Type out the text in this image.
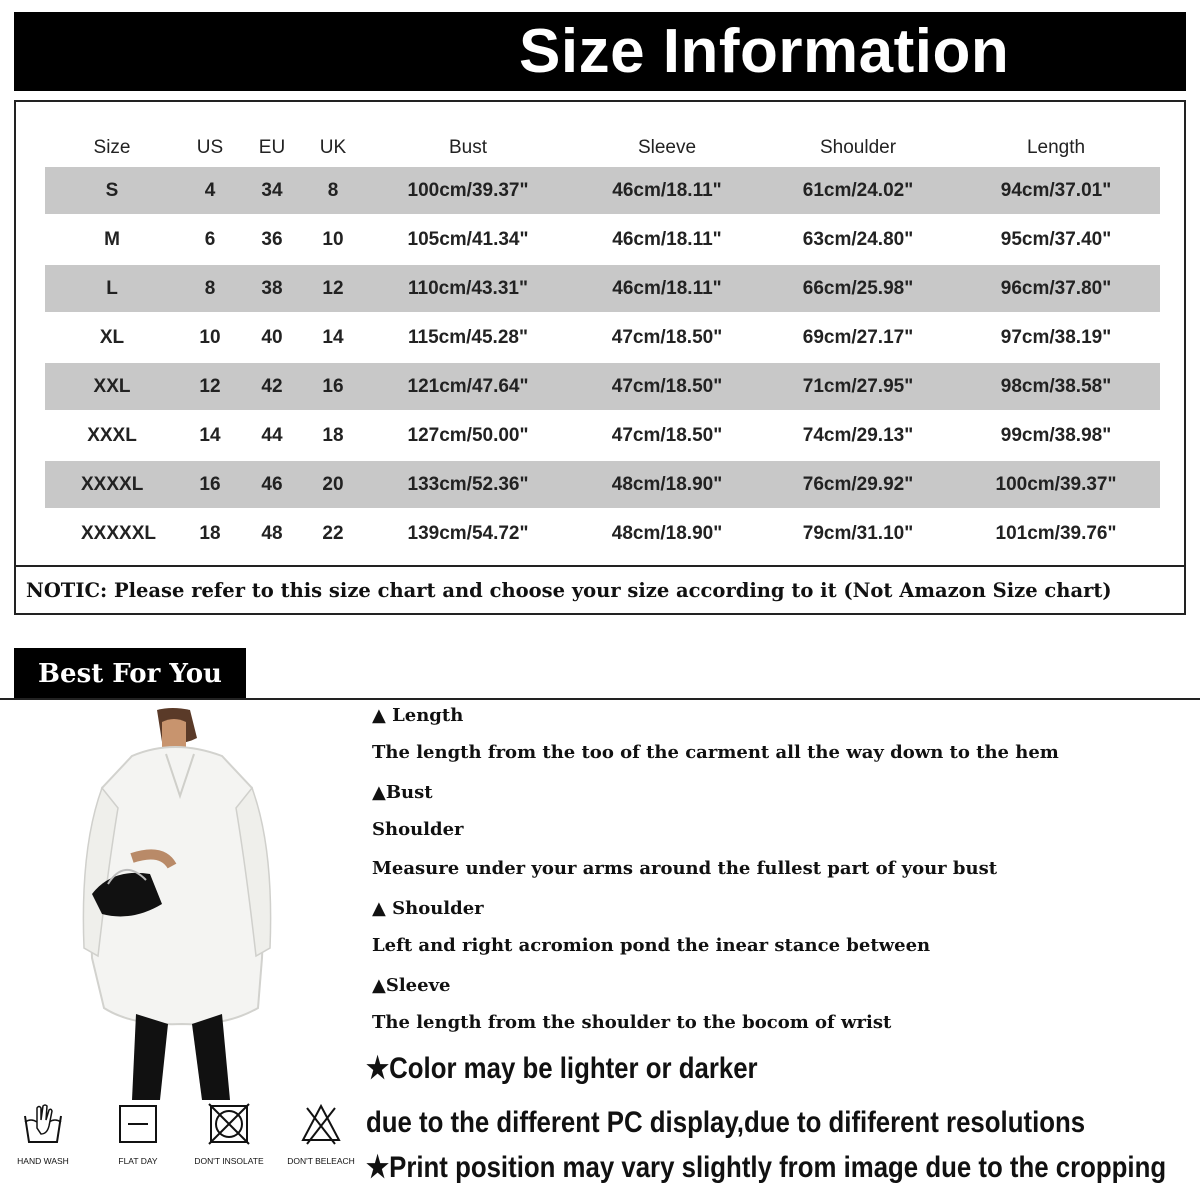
Size Information
Size	US	EU	UK	Bust	Sleeve	Shoulder	Length
S	4	34	8	100cm/39.37"	46cm/18.11"	61cm/24.02"	94cm/37.01"
M	6	36	10	105cm/41.34"	46cm/18.11"	63cm/24.80"	95cm/37.40"
L	8	38	12	110cm/43.31"	46cm/18.11"	66cm/25.98"	96cm/37.80"
XL	10	40	14	115cm/45.28"	47cm/18.50"	69cm/27.17"	97cm/38.19"
XXL	12	42	16	121cm/47.64"	47cm/18.50"	71cm/27.95"	98cm/38.58"
XXXL	14	44	18	127cm/50.00"	47cm/18.50"	74cm/29.13"	99cm/38.98"
XXXXL	16	46	20	133cm/52.36"	48cm/18.90"	76cm/29.92"	100cm/39.37"
XXXXXL	18	48	22	139cm/54.72"	48cm/18.90"	79cm/31.10"	101cm/39.76"
NOTIC: Please refer to this size chart and choose your size according to it (Not Amazon Size chart)
Best For You
▲ Length
The length from the too of the carment all the way down to the hem
▲Bust
Shoulder
Measure under your arms around the fullest part of your bust
▲ Shoulder
Left and right acromion pond the inear stance between
▲Sleeve
The length from the shoulder to the bocom of wrist
★Color may be lighter or darker
due to the different PC display,due to dififerent resolutions
★Print position may vary slightly from image due to the cropping
HAND WASH	FLAT DAY	DON'T INSOLATE	DON'T BELEACH
